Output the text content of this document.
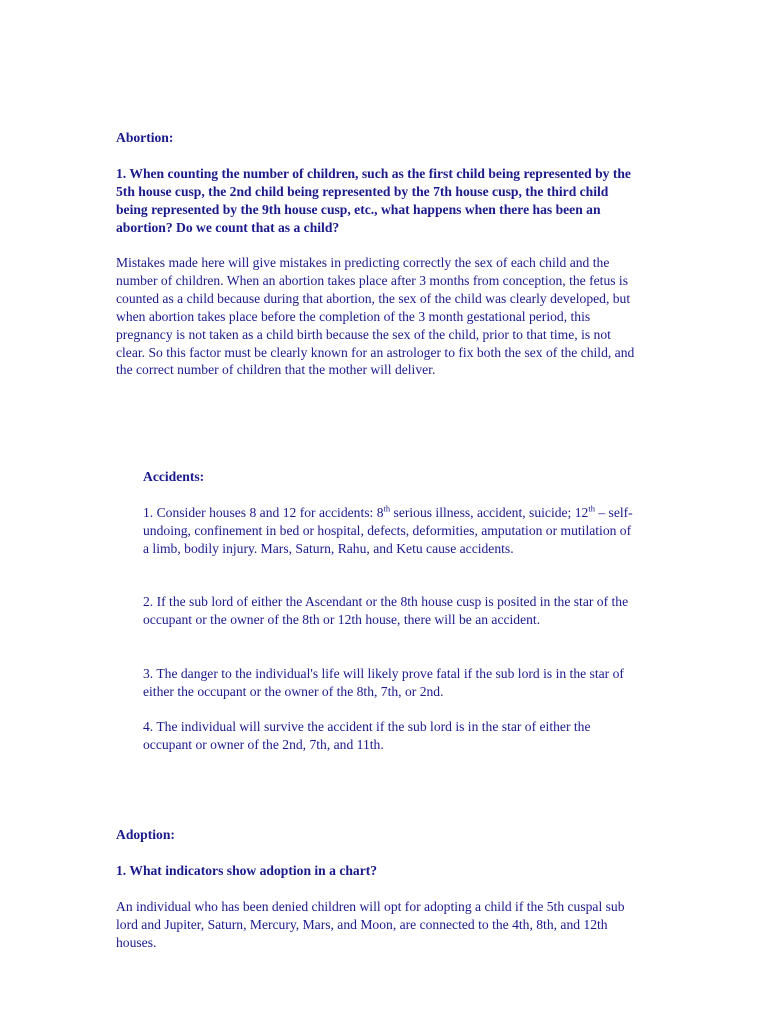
Abortion:

1. When counting the number of children, such as the first child being represented by the 5th house cusp, the 2nd child being represented by the 7th house cusp, the third child being represented by the 9th house cusp, etc., what happens when there has been an abortion? Do we count that as a child?

Mistakes made here will give mistakes in predicting correctly the sex of each child and the number of children. When an abortion takes place after 3 months from conception, the fetus is counted as a child because during that abortion, the sex of the child was clearly developed, but when abortion takes place before the completion of the 3 month gestational period, this pregnancy is not taken as a child birth because the sex of the child, prior to that time, is not clear. So this factor must be clearly known for an astrologer to fix both the sex of the child, and the correct number of children that the mother will deliver.

Accidents:

1. Consider houses 8 and 12 for accidents: 8th serious illness, accident, suicide; 12th – self-undoing, confinement in bed or hospital, defects, deformities, amputation or mutilation of a limb, bodily injury. Mars, Saturn, Rahu, and Ketu cause accidents.

2. If the sub lord of either the Ascendant or the 8th house cusp is posited in the star of the occupant or the owner of the 8th or 12th house, there will be an accident.

3. The danger to the individual's life will likely prove fatal if the sub lord is in the star of either the occupant or the owner of the 8th, 7th, or 2nd.

4. The individual will survive the accident if the sub lord is in the star of either the occupant or owner of the 2nd, 7th, and 11th.

Adoption:

1. What indicators show adoption in a chart?

An individual who has been denied children will opt for adopting a child if the 5th cuspal sub lord and Jupiter, Saturn, Mercury, Mars, and Moon, are connected to the 4th, 8th, and 12th houses.
